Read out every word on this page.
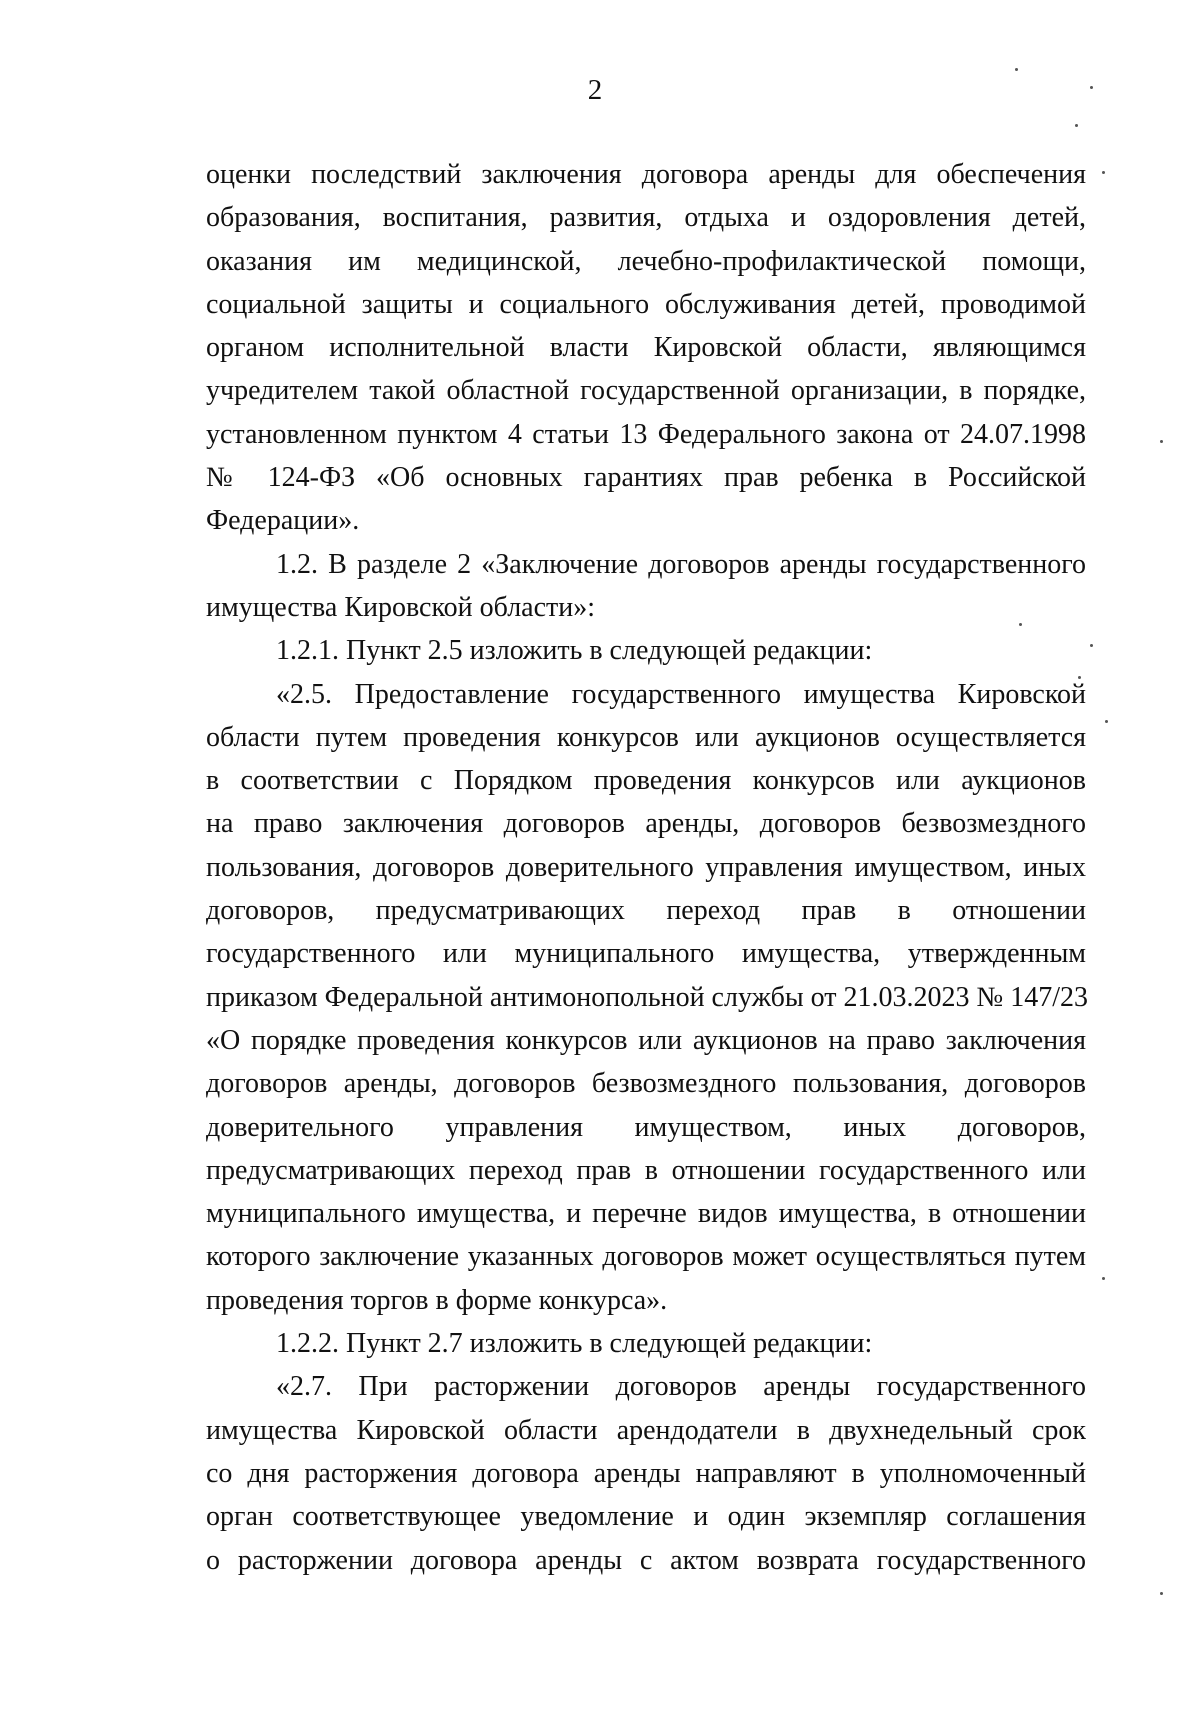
2
оценки последствий заключения договора аренды для обеспечения
образования, воспитания, развития, отдыха и оздоровления детей,
оказания им медицинской, лечебно-профилактической помощи,
социальной защиты и социального обслуживания детей, проводимой
органом исполнительной власти Кировской области, являющимся
учредителем такой областной государственной организации, в порядке,
установленном пунктом 4 статьи 13 Федерального закона от 24.07.1998
№ 124-ФЗ «Об основных гарантиях прав ребенка в Российской
Федерации».
1.2. В разделе 2 «Заключение договоров аренды государственного
имущества Кировской области»:
1.2.1. Пункт 2.5 изложить в следующей редакции:
«2.5. Предоставление государственного имущества Кировской
области путем проведения конкурсов или аукционов осуществляется
в соответствии с Порядком проведения конкурсов или аукционов
на право заключения договоров аренды, договоров безвозмездного
пользования, договоров доверительного управления имуществом, иных
договоров, предусматривающих переход прав в отношении
государственного или муниципального имущества, утвержденным
приказом Федеральной антимонопольной службы от 21.03.2023 № 147/23
«О порядке проведения конкурсов или аукционов на право заключения
договоров аренды, договоров безвозмездного пользования, договоров
доверительного управления имуществом, иных договоров,
предусматривающих переход прав в отношении государственного или
муниципального имущества, и перечне видов имущества, в отношении
которого заключение указанных договоров может осуществляться путем
проведения торгов в форме конкурса».
1.2.2. Пункт 2.7 изложить в следующей редакции:
«2.7. При расторжении договоров аренды государственного
имущества Кировской области арендодатели в двухнедельный срок
со дня расторжения договора аренды направляют в уполномоченный
орган соответствующее уведомление и один экземпляр соглашения
о расторжении договора аренды с актом возврата государственного
